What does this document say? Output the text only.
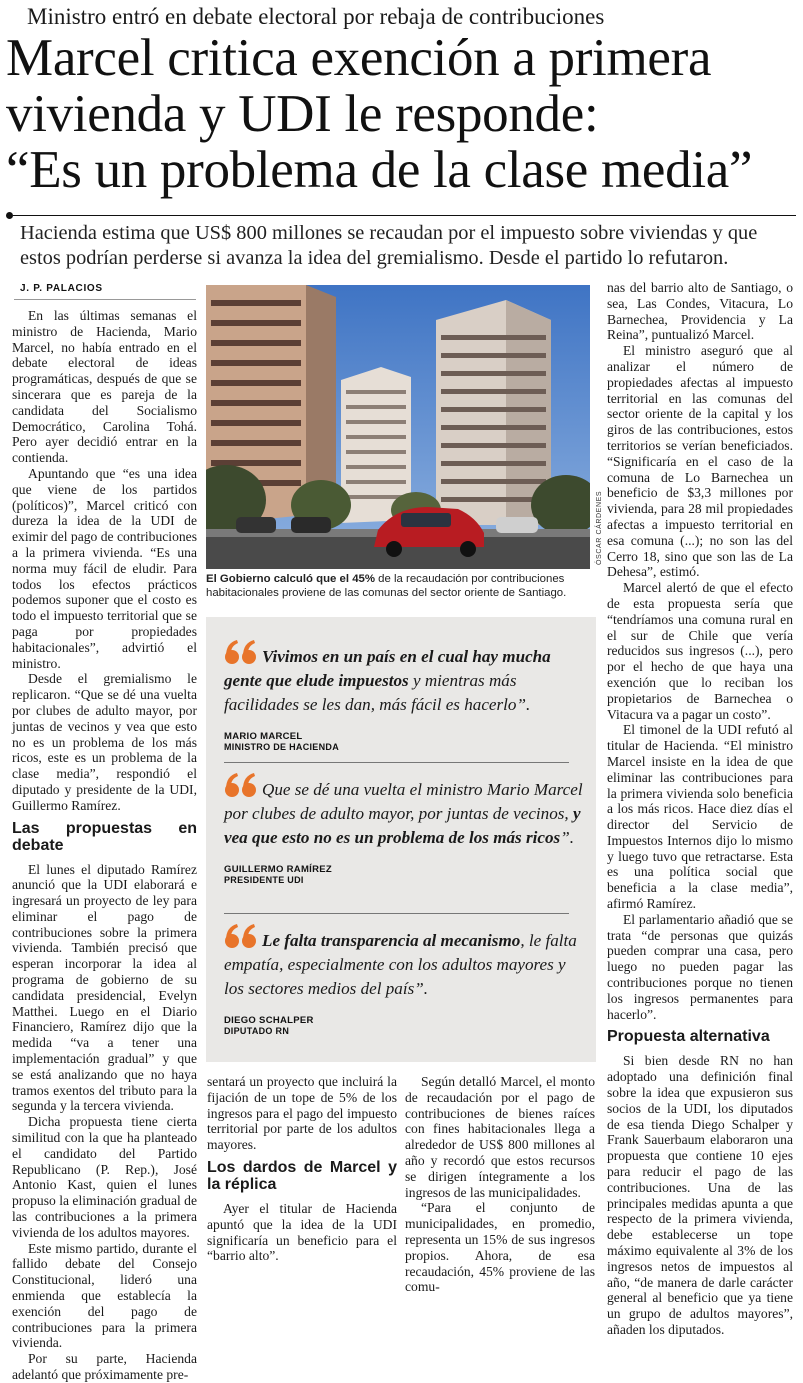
Ministro entró en debate electoral por rebaja de contribuciones
Marcel critica exención a primera
vivienda y UDI le responde:
“Es un problema de la clase media”
Hacienda estima que US$ 800 millones se recaudan por el impuesto sobre viviendas y que
estos podrían perderse si avanza la idea del gremialismo. Desde el partido lo refutaron.
J. P. PALACIOS

En las últimas semanas el ministro de Hacienda, Mario Marcel, no había entrado en el debate electoral de ideas programáticas, después de que se sincerara que es pareja de la candidata del Socialismo Democrático, Carolina Tohá. Pero ayer decidió entrar en la contienda.

Apuntando que “es una idea que viene de los partidos (políticos)”, Marcel criticó con dureza la idea de la UDI de eximir del pago de contribuciones a la primera vivienda. “Es una norma muy fácil de eludir. Para todos los efectos prácticos podemos suponer que el costo es todo el impuesto territorial que se paga por propiedades habitacionales”, advirtió el ministro.

Desde el gremialismo le replicaron. “Que se dé una vuelta por clubes de adulto mayor, por juntas de vecinos y vea que esto no es un problema de los más ricos, este es un problema de la clase media”, respondió el diputado y presidente de la UDI, Guillermo Ramírez.

Las propuestas en debate

El lunes el diputado Ramírez anunció que la UDI elaborará e ingresará un proyecto de ley para eliminar el pago de contribuciones sobre la primera vivienda. También precisó que esperan incorporar la idea al programa de gobierno de su candidata presidencial, Evelyn Matthei. Luego en el Diario Financiero, Ramírez dijo que la medida “va a tener una implementación gradual” y que se está analizando que no haya tramos exentos del tributo para la segunda y la tercera vivienda.

Dicha propuesta tiene cierta similitud con la que ha planteado el candidato del Partido Republicano (P. Rep.), José Antonio Kast, quien el lunes propuso la eliminación gradual de las contribuciones a la primera vivienda de los adultos mayores.

Este mismo partido, durante el fallido debate del Consejo Constitucional, lideró una enmienda que establecía la exención del pago de contribuciones para la primera vivienda.

Por su parte, Hacienda adelantó que próximamente pre-

ÓSCAR CÁRDENES
El Gobierno calculó que el 45% de la recaudación por contribuciones habitacionales proviene de las comunas del sector oriente de Santiago.
Vivimos en un país en el cual hay mucha gente que elude impuestos y mientras más facilidades se les dan, más fácil es hacerlo”.
MARIO MARCEL
MINISTRO DE HACIENDA
Que se dé una vuelta el ministro Mario Marcel por clubes de adulto mayor, por juntas de vecinos, y vea que esto no es un problema de los más ricos”.
GUILLERMO RAMÍREZ
PRESIDENTE UDI
Le falta transparencia al mecanismo, le falta empatía, especialmente con los adultos mayores y los sectores medios del país”.
DIEGO SCHALPER
DIPUTADO RN

sentará un proyecto que incluirá la fijación de un tope de 5% de los ingresos para el pago del impuesto territorial por parte de los adultos mayores.

Los dardos de Marcel y la réplica

Ayer el titular de Hacienda apuntó que la idea de la UDI significaría un beneficio para el “barrio alto”.

Según detalló Marcel, el monto de recaudación por el pago de contribuciones de bienes raíces con fines habitacionales llega a alrededor de US$ 800 millones al año y recordó que estos recursos se dirigen íntegramente a los ingresos de las municipalidades.

“Para el conjunto de municipalidades, en promedio, representa un 15% de sus ingresos propios. Ahora, de esa recaudación, 45% proviene de las comu-

nas del barrio alto de Santiago, o sea, Las Condes, Vitacura, Lo Barnechea, Providencia y La Reina”, puntualizó Marcel.

El ministro aseguró que al analizar el número de propiedades afectas al impuesto territorial en las comunas del sector oriente de la capital y los giros de las contribuciones, estos territorios se verían beneficiados. “Significaría en el caso de la comuna de Lo Barnechea un beneficio de $3,3 millones por vivienda, para 28 mil propiedades afectas a impuesto territorial en esa comuna (...); no son las del Cerro 18, sino que son las de La Dehesa”, estimó.

Marcel alertó de que el efecto de esta propuesta sería que “tendríamos una comuna rural en el sur de Chile que vería reducidos sus ingresos (...), pero por el hecho de que haya una exención que lo reciban los propietarios de Barnechea o Vitacura va a pagar un costo”.

El timonel de la UDI refutó al titular de Hacienda. “El ministro Marcel insiste en la idea de que eliminar las contribuciones para la primera vivienda solo beneficia a los más ricos. Hace diez días el director del Servicio de Impuestos Internos dijo lo mismo y luego tuvo que retractarse. Esta es una política social que beneficia a la clase media”, afirmó Ramírez.

El parlamentario añadió que se trata “de personas que quizás pueden comprar una casa, pero luego no pueden pagar las contribuciones porque no tienen los ingresos permanentes para hacerlo”.

Propuesta alternativa

Si bien desde RN no han adoptado una definición final sobre la idea que expusieron sus socios de la UDI, los diputados de esa tienda Diego Schalper y Frank Sauerbaum elaboraron una propuesta que contiene 10 ejes para reducir el pago de las contribuciones. Una de las principales medidas apunta a que respecto de la primera vivienda, debe establecerse un tope máximo equivalente al 3% de los ingresos netos de impuestos al año, “de manera de darle carácter general al beneficio que ya tiene un grupo de adultos mayores”, añaden los diputados.
